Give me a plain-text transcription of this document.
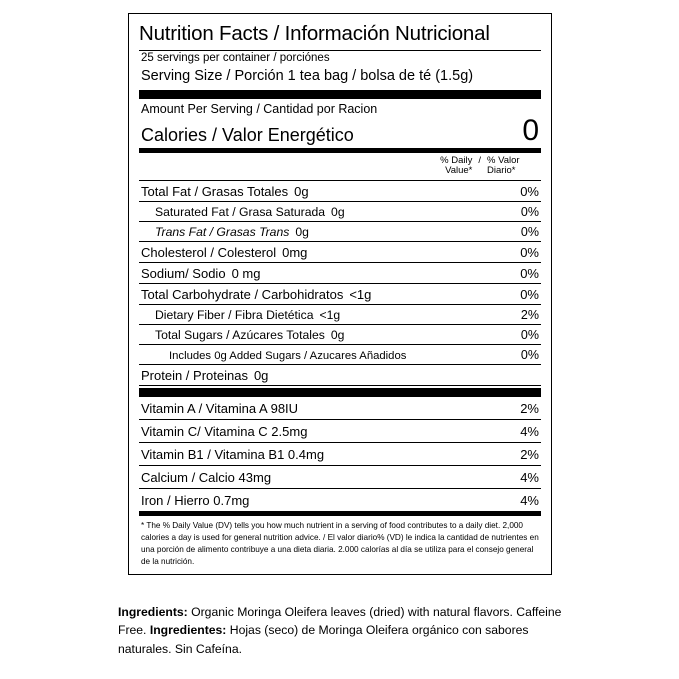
Nutrition Facts / Información Nutricional
25 servings per container / porciónes
Serving Size / Porción 1 tea bag / bolsa de té (1.5g)
Amount Per Serving / Cantidad por Racion
Calories / Valor Energético	0
% Daily Value*
/ % Valor Diario*
Total Fat / Grasas Totales 0g	0%
Saturated Fat / Grasa Saturada 0g	0%
Trans Fat / Grasas Trans 0g	0%
Cholesterol / Colesterol 0mg	0%
Sodium/ Sodio 0 mg	0%
Total Carbohydrate / Carbohidratos <1g	0%
Dietary Fiber / Fibra Dietética <1g	2%
Total Sugars / Azúcares Totales 0g	0%
Includes 0g Added Sugars / Azucares Añadidos	0%
Protein / Proteinas 0g
Vitamin A / Vitamina A 98IU	2%
Vitamin C/ Vitamina C 2.5mg	4%
Vitamin B1 / Vitamina B1 0.4mg	2%
Calcium / Calcio 43mg	4%
Iron / Hierro 0.7mg	4%
* The % Daily Value (DV) tells you how much nutrient in a serving of food contributes to a daily diet. 2,000 calories a day is used for general nutrition advice. / El valor diario% (VD) le indica la cantidad de nutrientes en una porción de alimento contribuye a una dieta diaria. 2.000 calorías al día se utiliza para el consejo general de la nutrición.
Ingredients: Organic Moringa Oleifera leaves (dried) with natural flavors. Caffeine Free. Ingredientes: Hojas (seco) de Moringa Oleifera orgánico con sabores naturales. Sin Cafeína.
